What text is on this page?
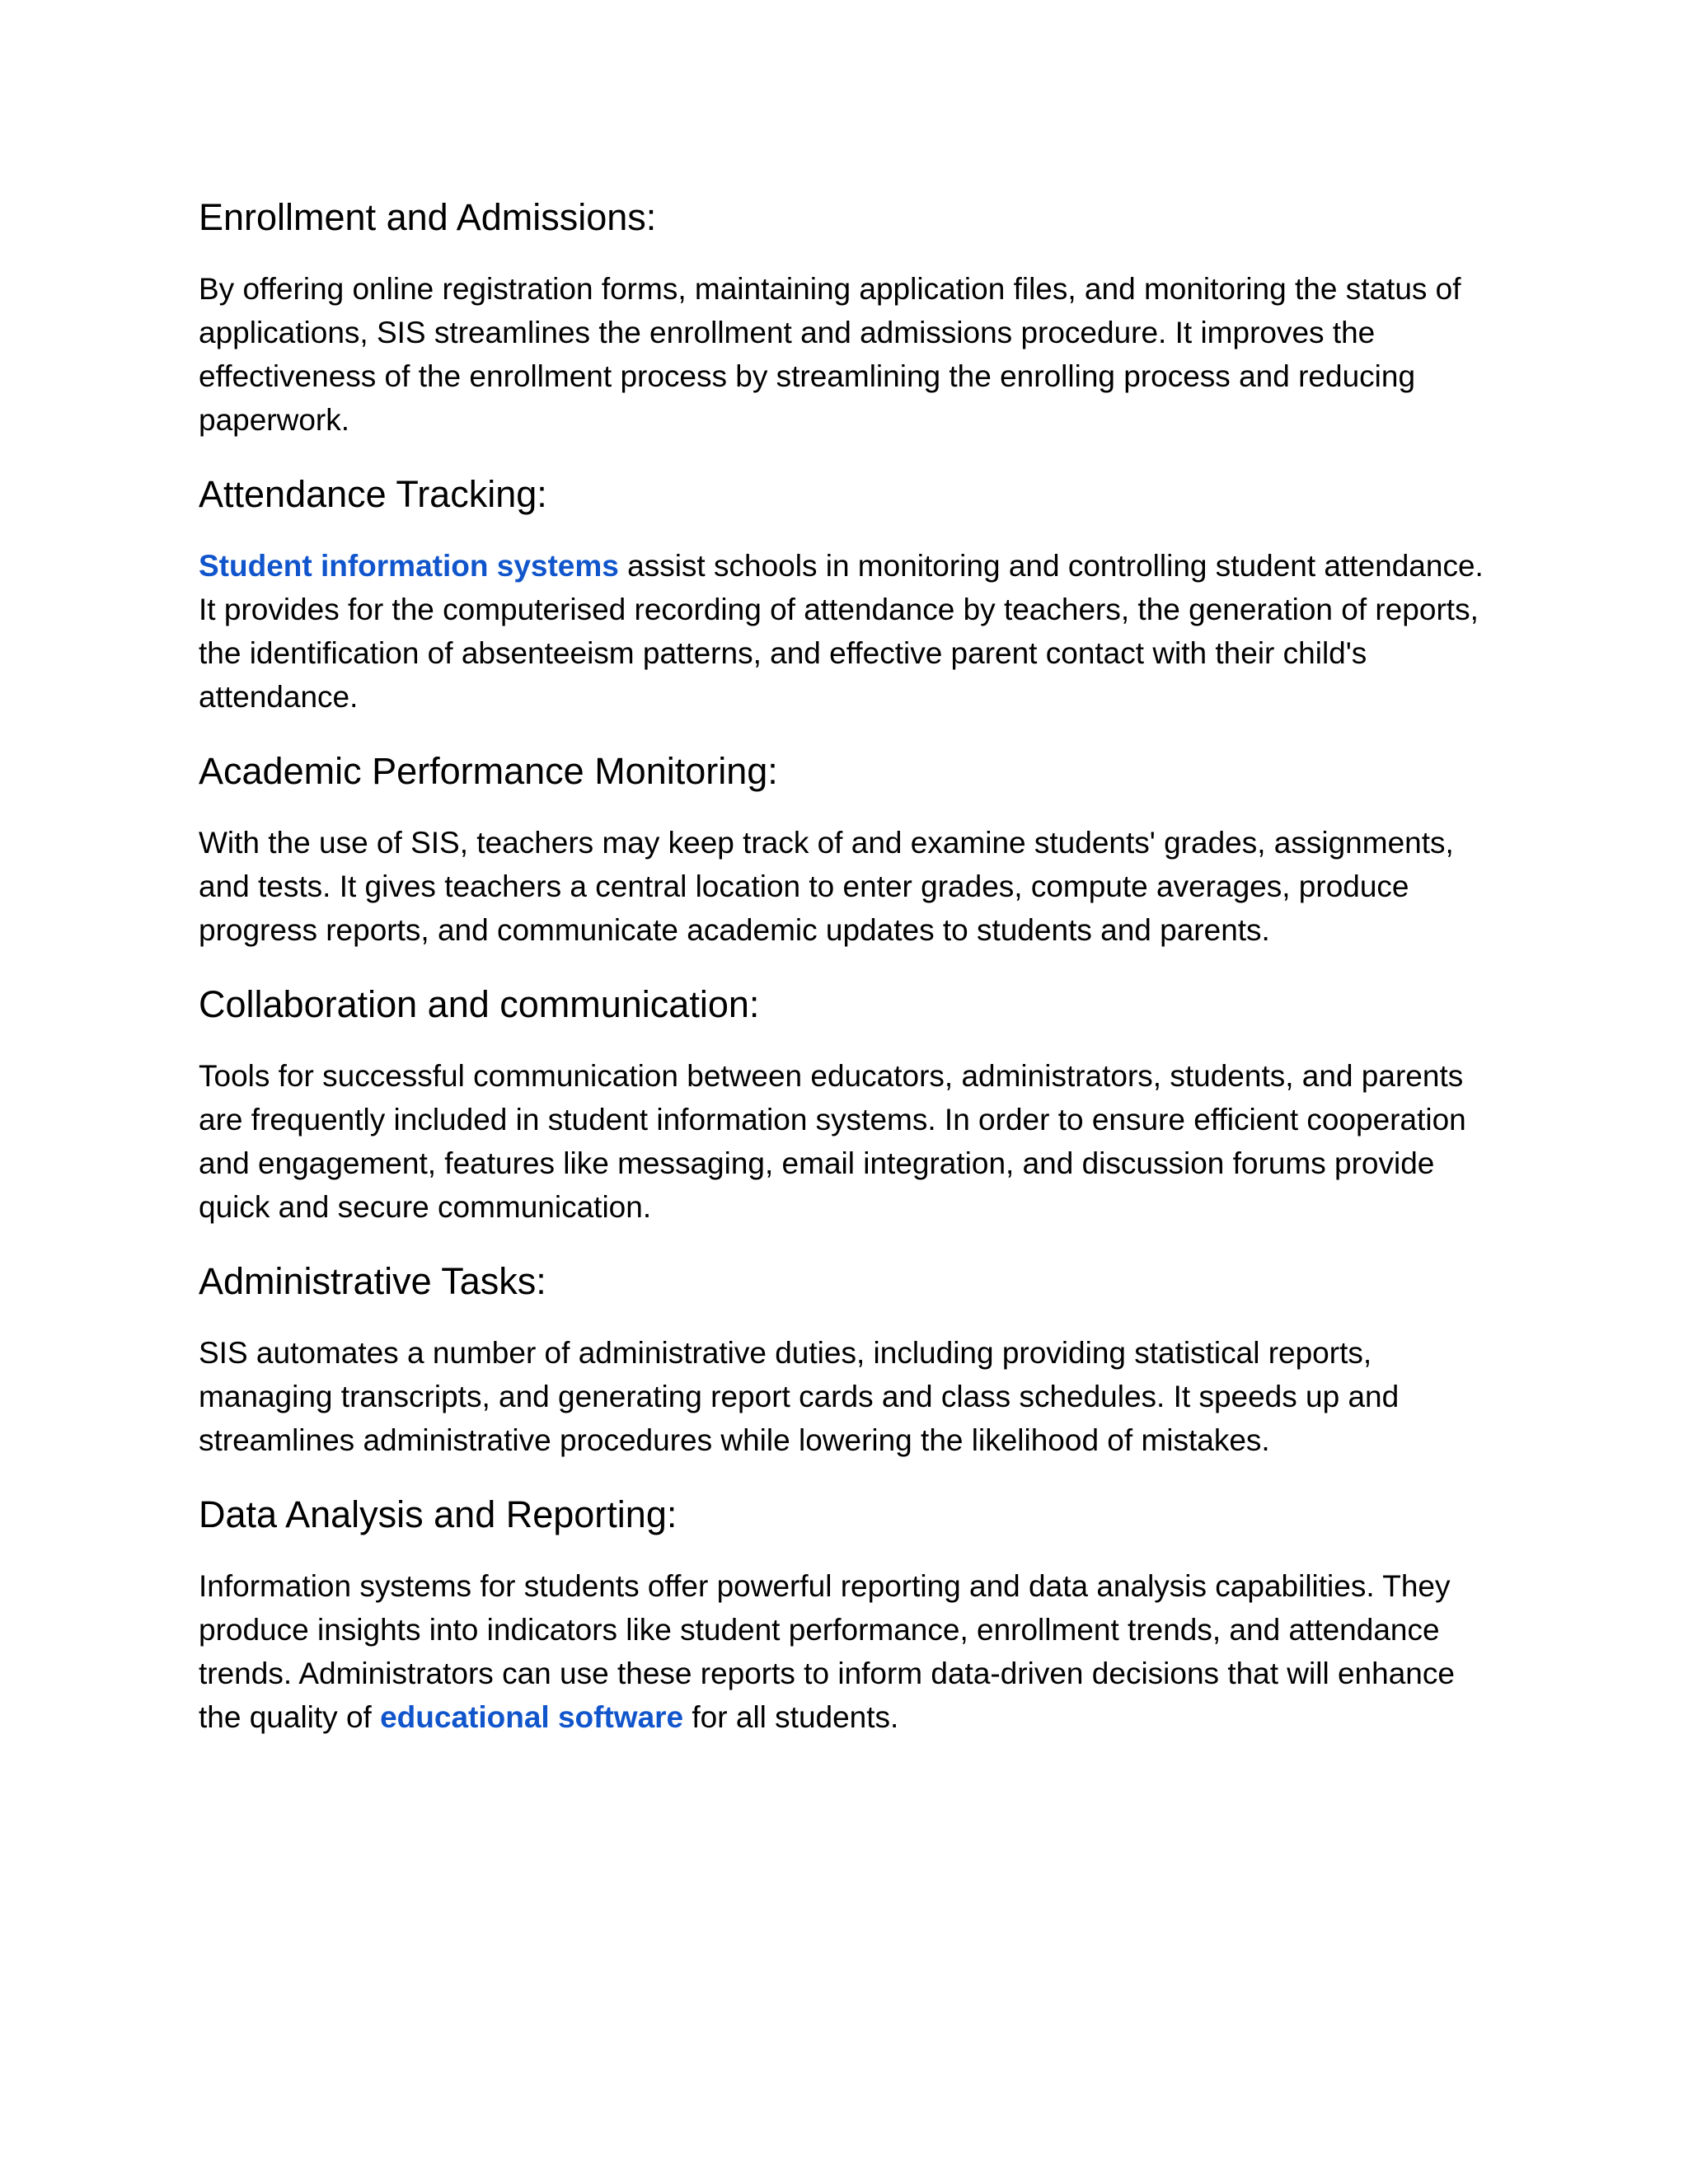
Enrollment and Admissions:

By offering online registration forms, maintaining application files, and monitoring the status of applications, SIS streamlines the enrollment and admissions procedure. It improves the effectiveness of the enrollment process by streamlining the enrolling process and reducing paperwork.

Attendance Tracking:

Student information systems assist schools in monitoring and controlling student attendance. It provides for the computerised recording of attendance by teachers, the generation of reports, the identification of absenteeism patterns, and effective parent contact with their child's attendance.

Academic Performance Monitoring:

With the use of SIS, teachers may keep track of and examine students' grades, assignments, and tests. It gives teachers a central location to enter grades, compute averages, produce progress reports, and communicate academic updates to students and parents.

Collaboration and communication:

Tools for successful communication between educators, administrators, students, and parents are frequently included in student information systems. In order to ensure efficient cooperation and engagement, features like messaging, email integration, and discussion forums provide quick and secure communication.

Administrative Tasks:

SIS automates a number of administrative duties, including providing statistical reports, managing transcripts, and generating report cards and class schedules. It speeds up and streamlines administrative procedures while lowering the likelihood of mistakes.

Data Analysis and Reporting:

Information systems for students offer powerful reporting and data analysis capabilities. They produce insights into indicators like student performance, enrollment trends, and attendance trends. Administrators can use these reports to inform data-driven decisions that will enhance the quality of educational software for all students.
